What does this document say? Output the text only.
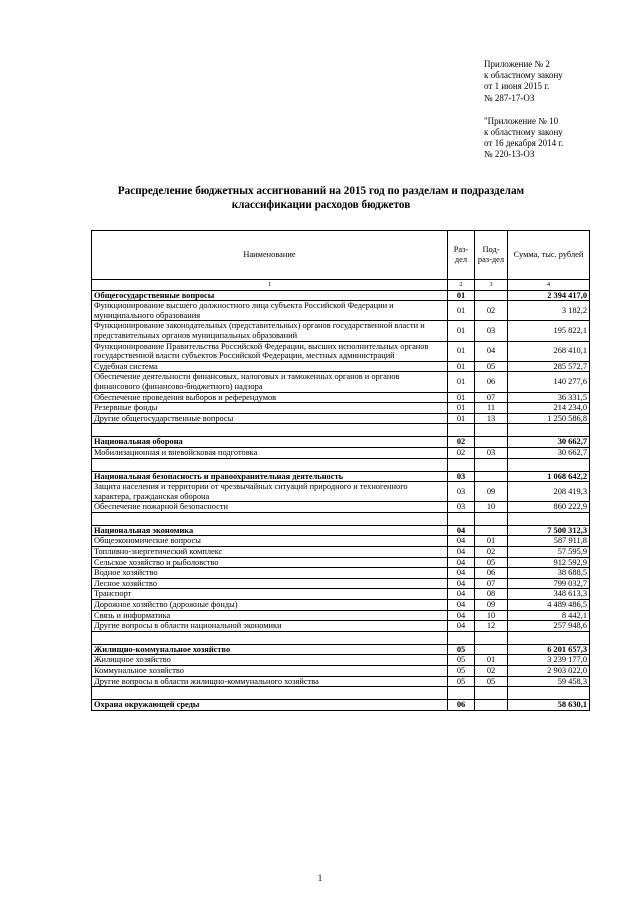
Приложение № 2
к областному закону
от 1 июня 2015 г.
№ 287-17-ОЗ
"Приложение № 10
к областному закону
от 16 декабря 2014 г.
№ 220-13-ОЗ
Распределение бюджетных ассигнований на 2015 год по разделам и подразделам
классификации расходов бюджетов
Наименование	Раз-дел	Под-раз-дел	Сумма, тыс. рублей
1	2	3	4
Общегосударственные вопросы	01		2 394 417,0
Функционирование высшего должностного лица субъекта Российской Федерации и муниципального образования	01	02	3 182,2
Функционирование законодательных (представительных) органов государственной власти и представительных органов муниципальных образований	01	03	195 822,1
Функционирование Правительства Российской Федерации, высших исполнительных органов государственной власти субъектов Российской Федерации, местных администраций	01	04	268 410,1
Судебная система	01	05	285 572,7
Обеспечение деятельности финансовых, налоговых и таможенных органов и органов финансового (финансово-бюджетного) надзора	01	06	140 277,6
Обеспечение проведения выборов и референдумов	01	07	36 331,5
Резервные фонды	01	11	214 234,0
Другие общегосударственные вопросы	01	13	1 250 586,8

Национальная оборона	02		30 662,7
Мобилизационная и вневойсковая подготовка	02	03	30 662,7

Национальная безопасность и правоохранительная деятельность	03		1 068 642,2
Защита населения и территории от чрезвычайных ситуаций природного и техногенного характера, гражданская оборона	03	09	208 419,3
Обеспечение пожарной безопасности	03	10	860 222,9

Национальная экономика	04		7 500 312,3
Общеэкономические вопросы	04	01	587 911,8
Топливно-энергетический комплекс	04	02	57 595,9
Сельское хозяйство и рыболовство	04	05	912 592,9
Водное хозяйство	04	06	38 688,5
Лесное хозяйство	04	07	799 032,7
Транспорт	04	08	348 613,3
Дорожное хозяйство (дорожные фонды)	04	09	4 489 486,5
Связь и информатика	04	10	8 442,1
Другие вопросы в области национальной экономики	04	12	257 948,6

Жилищно-коммунальное хозяйство	05		6 201 657,3
Жилищное хозяйство	05	01	3 239 177,0
Коммунальное хозяйство	05	02	2 903 022,0
Другие вопросы в области жилищно-коммунального хозяйства	05	05	59 458,3

Охрана окружающей среды	06		58 630,1
1
